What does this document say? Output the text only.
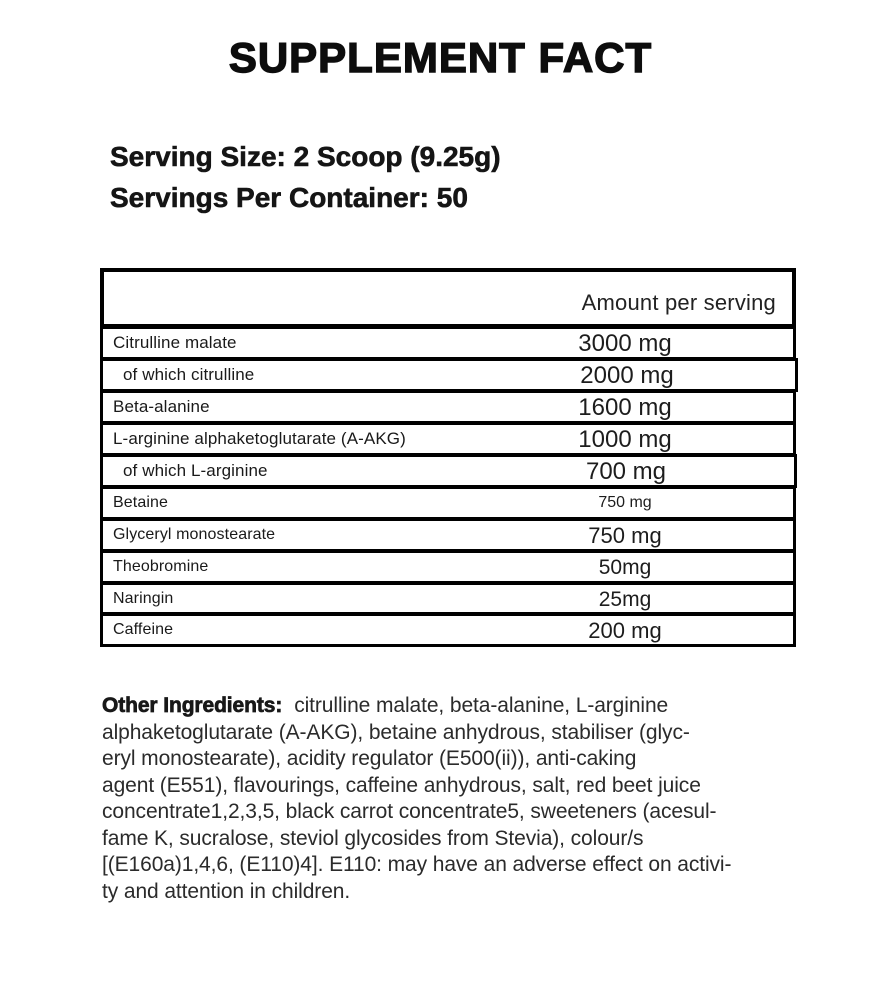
SUPPLEMENT FACT
Serving Size: 2 Scoop (9.25g)
Servings Per Container: 50
Amount per serving
Citrulline malate	3000 mg
of which citrulline	2000 mg
Beta-alanine	1600 mg
L-arginine alphaketoglutarate (A-AKG)	1000 mg
of which L-arginine	700 mg
Betaine	750 mg
Glyceryl monostearate	750 mg
Theobromine	50mg
Naringin	25mg
Caffeine	200 mg
Other Ingredients: citrulline malate, beta-alanine, L-arginine
alphaketoglutarate (A-AKG), betaine anhydrous, stabiliser (glyc-
eryl monostearate), acidity regulator (E500(ii)), anti-caking
agent (E551), flavourings, caffeine anhydrous, salt, red beet juice
concentrate1,2,3,5, black carrot concentrate5, sweeteners (acesul-
fame K, sucralose, steviol glycosides from Stevia), colour/s
[(E160a)1,4,6, (E110)4]. E110: may have an adverse effect on activi-
ty and attention in children.
